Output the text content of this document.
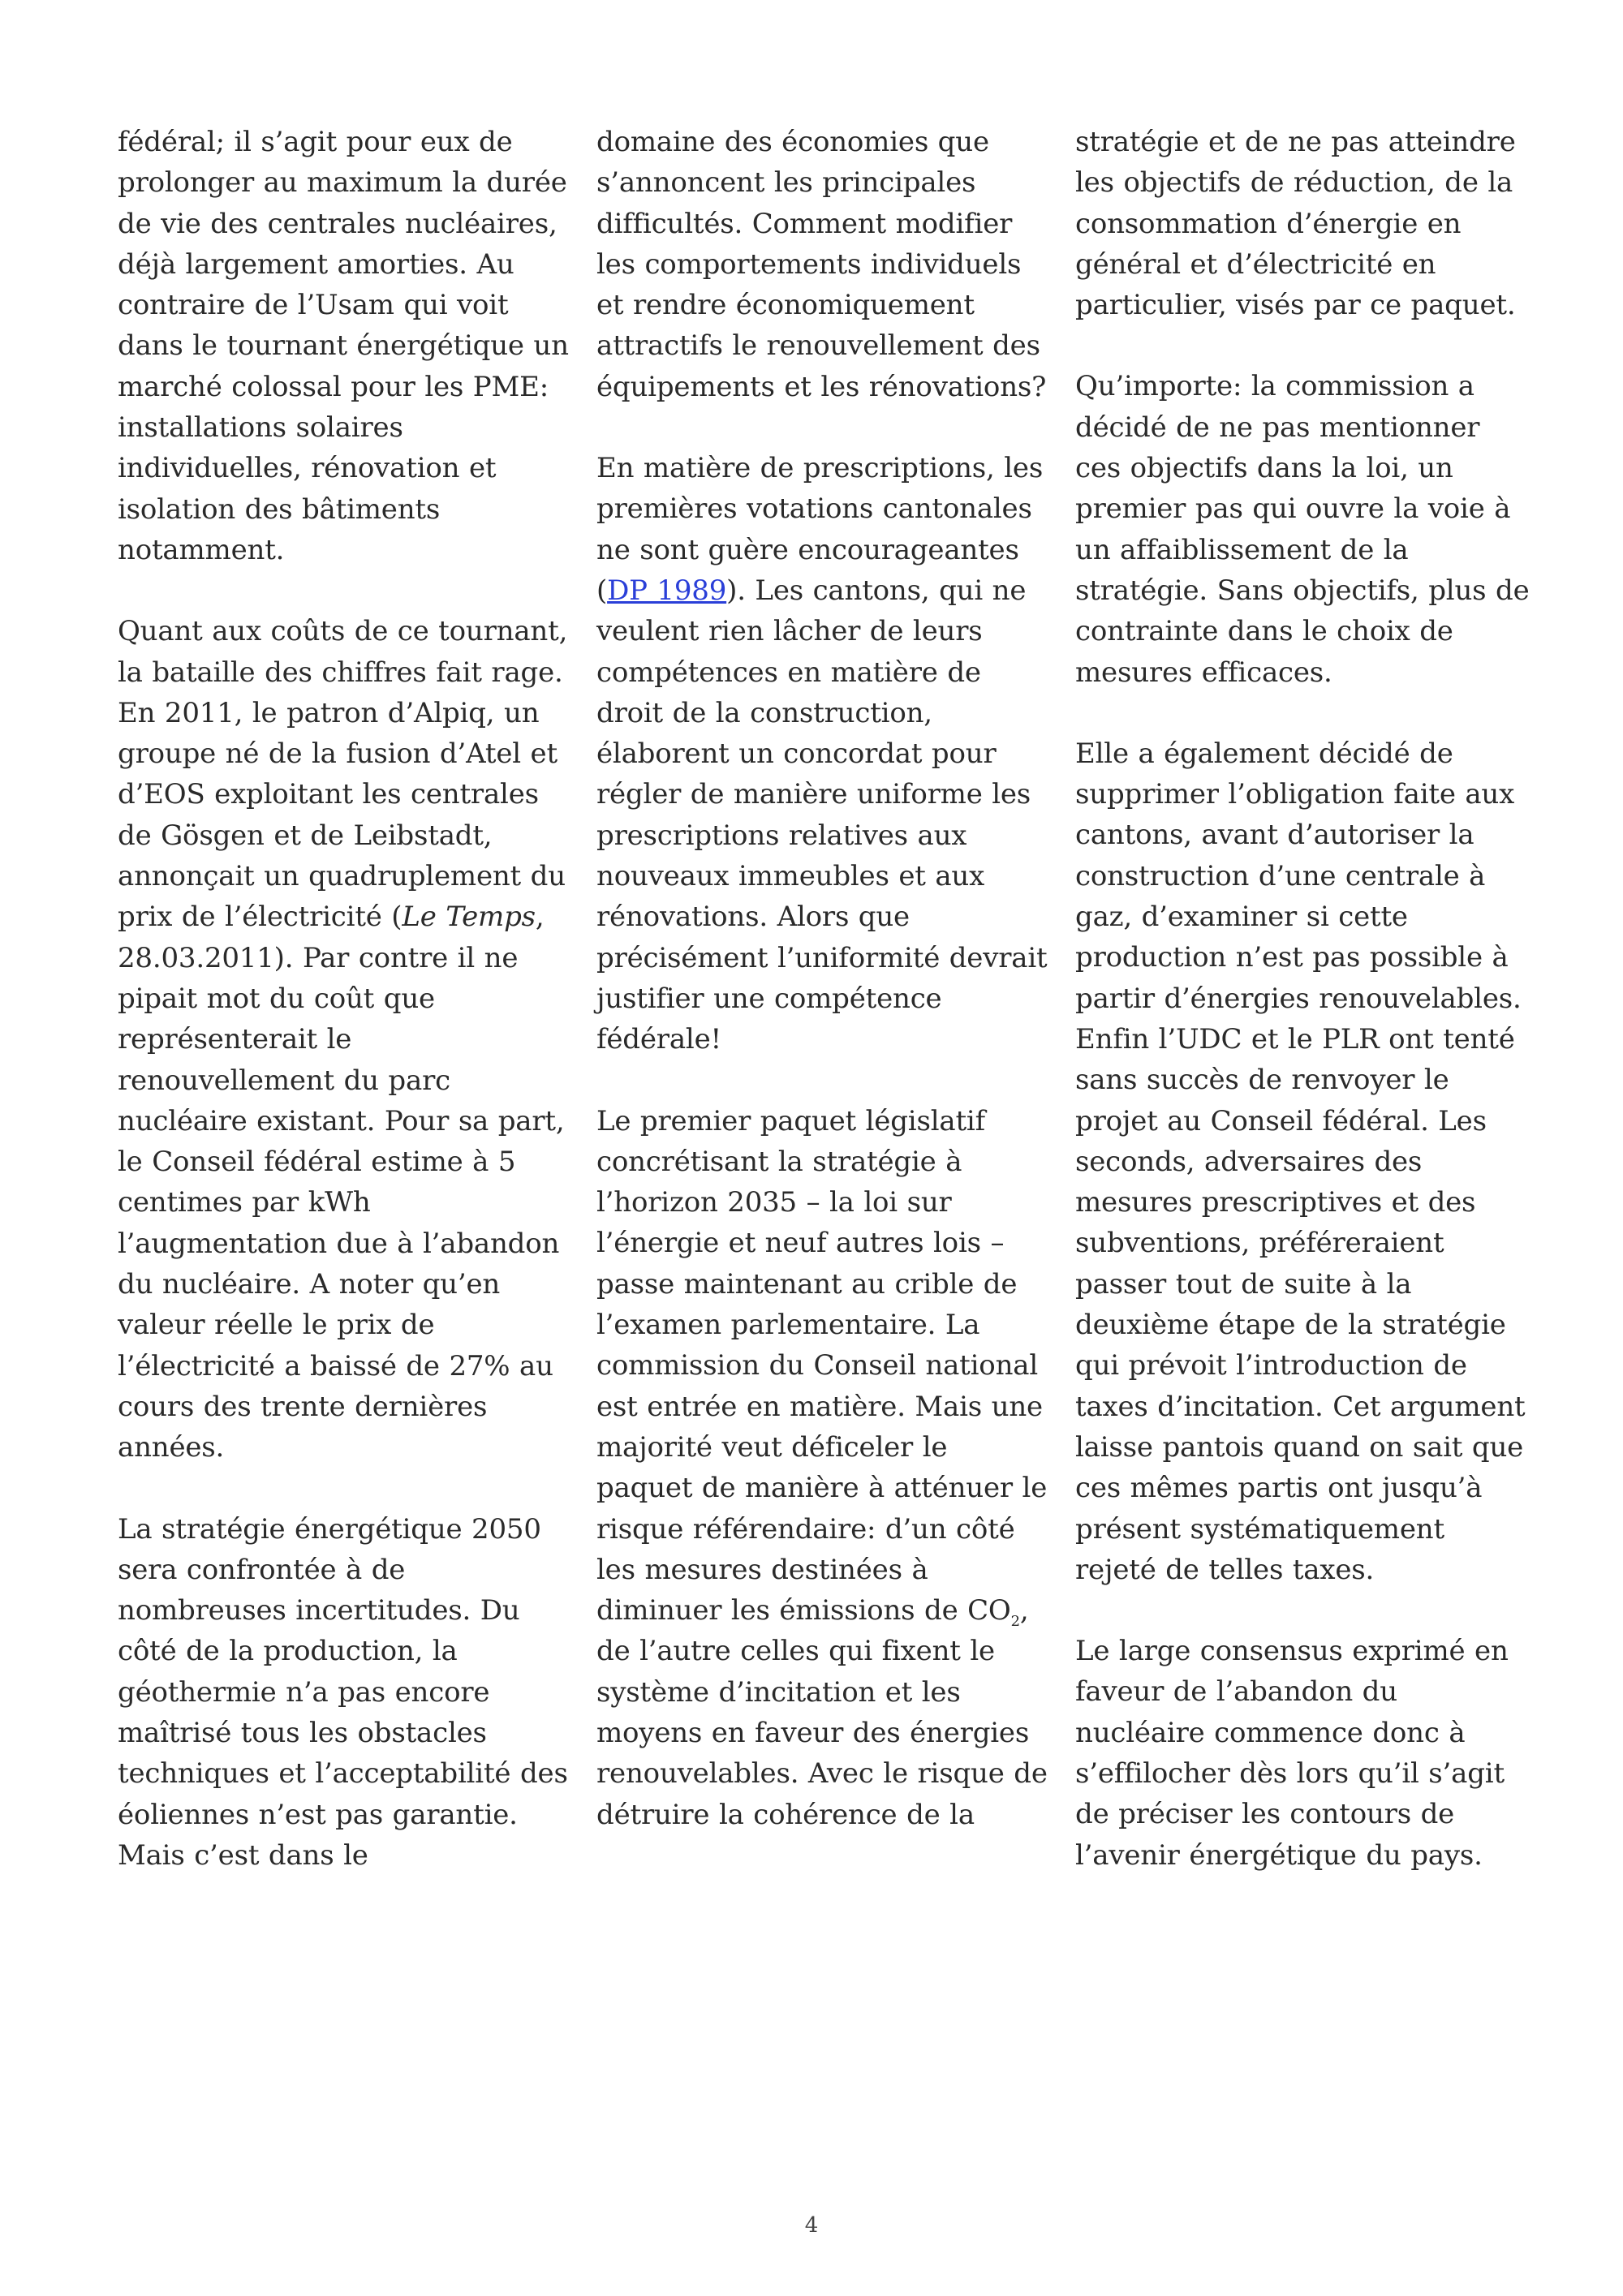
fédéral; il s’agit pour eux de prolonger au maximum la durée de vie des centrales nucléaires, déjà largement amorties. Au contraire de l’Usam qui voit dans le tournant énergétique un marché colossal pour les PME: installations solaires individuelles, rénovation et isolation des bâtiments notamment.

Quant aux coûts de ce tournant, la bataille des chiffres fait rage. En 2011, le patron d’Alpiq, un groupe né de la fusion d’Atel et d’EOS exploitant les centrales de Gösgen et de Leibstadt, annonçait un quadruplement du prix de l’électricité (Le Temps, 28.03.2011). Par contre il ne pipait mot du coût que représenterait le renouvellement du parc nucléaire existant. Pour sa part, le Conseil fédéral estime à 5 centimes par kWh l’augmentation due à l’abandon du nucléaire. A noter qu’en valeur réelle le prix de l’électricité a baissé de 27% au cours des trente dernières années.

La stratégie énergétique 2050 sera confrontée à de nombreuses incertitudes. Du côté de la production, la géothermie n’a pas encore maîtrisé tous les obstacles techniques et l’acceptabilité des éoliennes n’est pas garantie. Mais c’est dans le

domaine des économies que s’annoncent les principales difficultés. Comment modifier les comportements individuels et rendre économiquement attractifs le renouvellement des équipements et les rénovations?

En matière de prescriptions, les premières votations cantonales ne sont guère encourageantes (DP 1989). Les cantons, qui ne veulent rien lâcher de leurs compétences en matière de droit de la construction, élaborent un concordat pour régler de manière uniforme les prescriptions relatives aux nouveaux immeubles et aux rénovations. Alors que précisément l’uniformité devrait justifier une compétence fédérale!

Le premier paquet législatif concrétisant la stratégie à l’horizon 2035 – la loi sur l’énergie et neuf autres lois – passe maintenant au crible de l’examen parlementaire. La commission du Conseil national est entrée en matière. Mais une majorité veut déficeler le paquet de manière à atténuer le risque référendaire: d’un côté les mesures destinées à diminuer les émissions de $CO_2$, de l’autre celles qui fixent le système d’incitation et les moyens en faveur des énergies renouvelables. Avec le risque de détruire la cohérence de la

stratégie et de ne pas atteindre les objectifs de réduction, de la consommation d’énergie en général et d’électricité en particulier, visés par ce paquet.

Qu’importe: la commission a décidé de ne pas mentionner ces objectifs dans la loi, un premier pas qui ouvre la voie à un affaiblissement de la stratégie. Sans objectifs, plus de contrainte dans le choix de mesures efficaces.

Elle a également décidé de supprimer l’obligation faite aux cantons, avant d’autoriser la construction d’une centrale à gaz, d’examiner si cette production n’est pas possible à partir d’énergies renouvelables. Enfin l’UDC et le PLR ont tenté sans succès de renvoyer le projet au Conseil fédéral. Les seconds, adversaires des mesures prescriptives et des subventions, préféreraient passer tout de suite à la deuxième étape de la stratégie qui prévoit l’introduction de taxes d’incitation. Cet argument laisse pantois quand on sait que ces mêmes partis ont jusqu’à présent systématiquement rejeté de telles taxes.

Le large consensus exprimé en faveur de l’abandon du nucléaire commence donc à s’effilocher dès lors qu’il s’agit de préciser les contours de l’avenir énergétique du pays.

4
